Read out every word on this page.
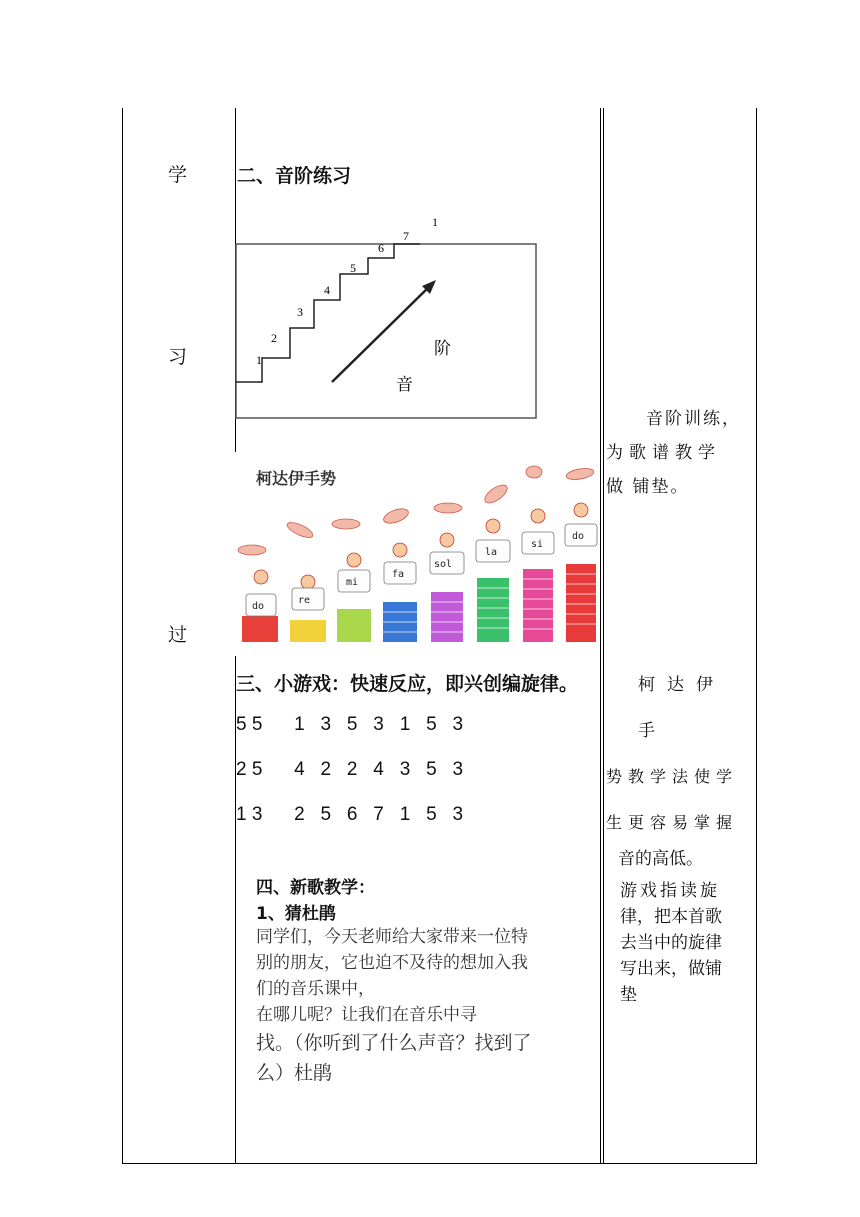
学
习
过
二、音阶练习
1
2
3
4
5
6
7
1
阶
音
柯达伊手势
do
re
mi
fa
sol
la
si
do
三、小游戏：快速反应，即兴创编旋律。
5 5      1   3   5   3   1   5   3
2 5      4   2   2   4   3   5   3
1 3      2   5   6   7   1   5   3
四、新歌教学：
1、猜杜鹃
同学们，今天老师给大家带来一位特
别的朋友，它也迫不及待的想加入我
们的音乐课中，
在哪儿呢？让我们在音乐中寻
找。（你听到了什么声音？找到了
么）杜鹃
音阶训练，
为歌谱教学
做 铺垫。
柯达伊手
势教学法使学
生更容易掌握
音的高低。
游戏指读旋
律，把本首歌
去当中的旋律
写出来，做铺
垫
